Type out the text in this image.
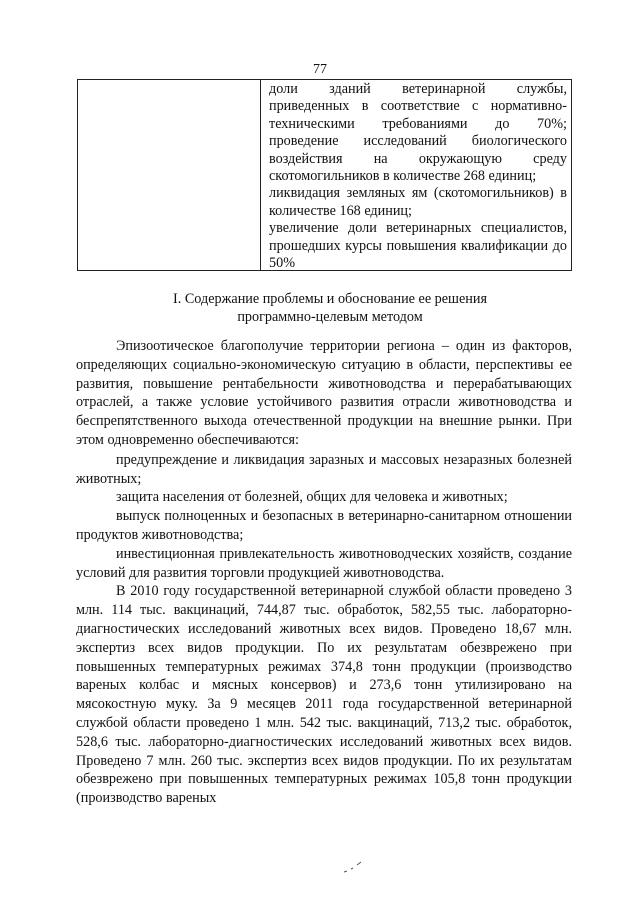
77

доли зданий ветеринарной службы, приведенных в соответствие с нормативно-техническими требованиями до 70%;

проведение исследований биологического воздействия на окружающую среду скотомогильников в количестве 268 единиц;

ликвидация земляных ям (скотомогильников) в количестве 168 единиц;

увеличение доли ветеринарных специалистов, прошедших курсы повышения квалификации до 50%

I. Содержание проблемы и обоснование ее решения
программно-целевым методом

Эпизоотическое благополучие территории региона – один из факторов, определяющих социально-экономическую ситуацию в области, перспективы ее развития, повышение рентабельности животноводства и перерабатывающих отраслей, а также условие устойчивого развития отрасли животноводства и беспрепятственного выхода отечественной продукции на внешние рынки. При этом одновременно обеспечиваются:

предупреждение и ликвидация заразных и массовых незаразных болезней животных;

защита населения от болезней, общих для человека и животных;

выпуск полноценных и безопасных в ветеринарно-санитарном отношении продуктов животноводства;

инвестиционная привлекательность животноводческих хозяйств, создание условий для развития торговли продукцией животноводства.

В 2010 году государственной ветеринарной службой области проведено 3 млн. 114 тыс. вакцинаций, 744,87 тыс. обработок, 582,55 тыс. лабораторно-диагностических исследований животных всех видов. Проведено 18,67 млн. экспертиз всех видов продукции. По их результатам обезврежено при повышенных температурных режимах 374,8 тонн продукции (производство вареных колбас и мясных консервов) и 273,6 тонн утилизировано на мясокостную муку. За 9 месяцев 2011 года государственной ветеринарной службой области проведено 1 млн. 542 тыс. вакцинаций, 713,2 тыс. обработок, 528,6 тыс. лабораторно-диагностических исследований животных всех видов. Проведено 7 млн. 260 тыс. экспертиз всех видов продукции. По их результатам обезврежено при повышенных температурных режимах 105,8 тонн продукции (производство вареных
